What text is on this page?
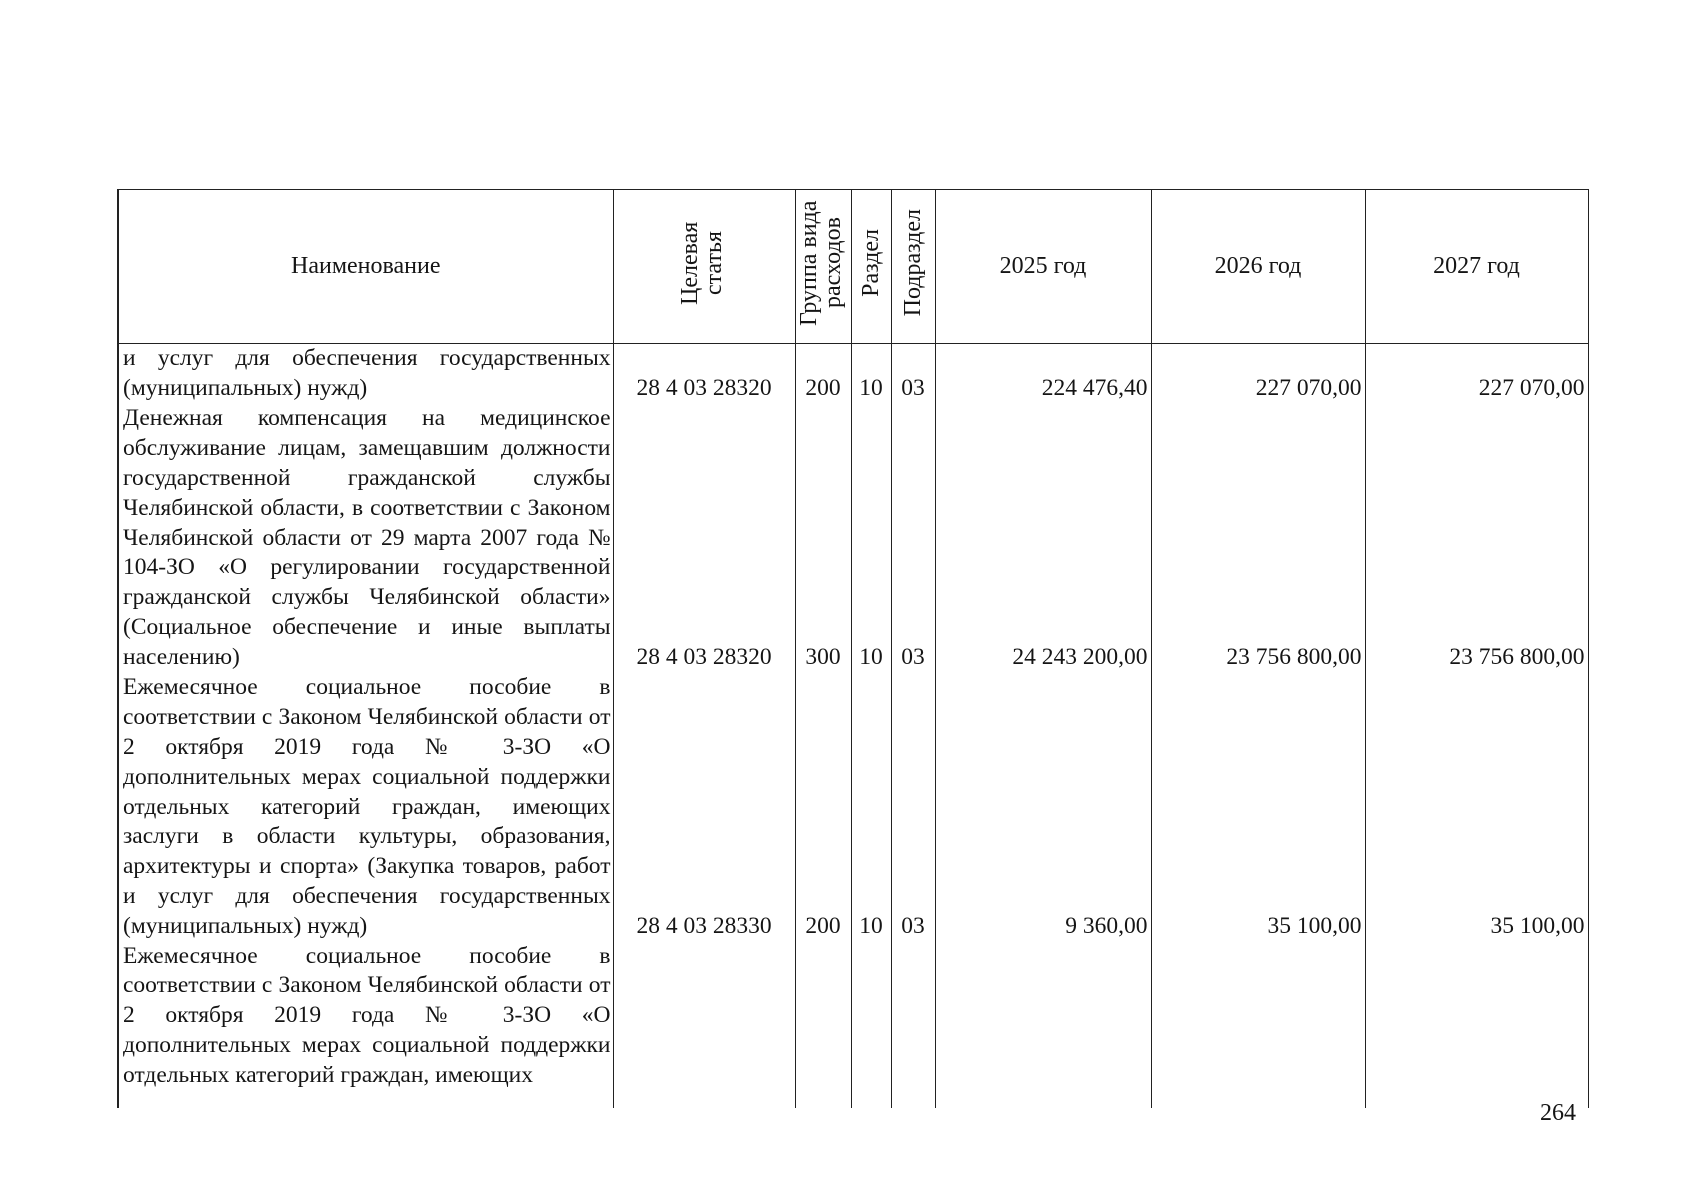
Наименование	Целевая статья	Группа вида расходов	Раздел	Подраздел	2025 год	2026 год	2027 год

и услуг для обеспечения государственных (муниципальных) нужд)	28 4 03 28320	200	10	03	224 476,40	227 070,00	227 070,00

Денежная компенсация на медицинское обслуживание лицам, замещавшим должности государственной гражданской службы Челябинской области, в соответствии с Законом Челябинской области от 29 марта 2007 года № 104-ЗО «О регулировании государственной гражданской службы Челябинской области» (Социальное обеспечение и иные выплаты населению)	28 4 03 28320	300	10	03	24 243 200,00	23 756 800,00	23 756 800,00

Ежемесячное социальное пособие в соответствии с Законом Челябинской области от 2 октября 2019 года № 3-ЗО «О дополнительных мерах социальной поддержки отдельных категорий граждан, имеющих заслуги в области культуры, образования, архитектуры и спорта» (Закупка товаров, работ и услуг для обеспечения государственных (муниципальных) нужд)	28 4 03 28330	200	10	03	9 360,00	35 100,00	35 100,00

Ежемесячное социальное пособие в соответствии с Законом Челябинской области от 2 октября 2019 года № 3-ЗО «О дополнительных мерах социальной поддержки отдельных категорий граждан, имеющих							

264
